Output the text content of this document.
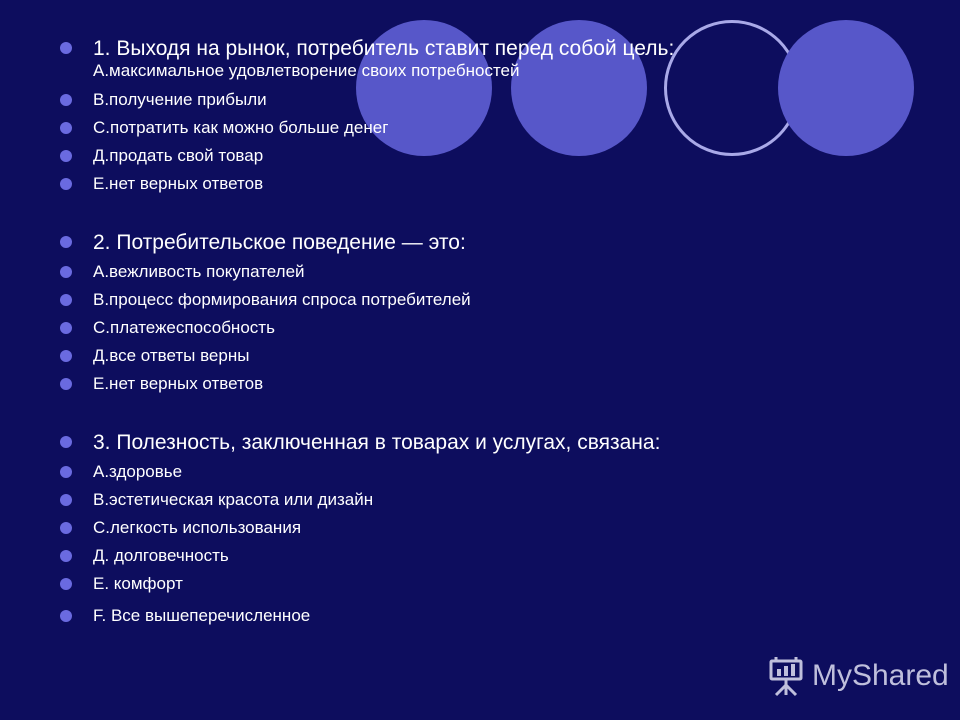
1. Выходя на рынок, потребитель ставит перед собой цель:
А.максимальное удовлетворение своих потребностей
В.получение прибыли
С.потратить как можно больше денег
Д.продать свой товар
Е.нет верных ответов
2. Потребительское поведение — это:
А.вежливость покупателей
В.процесс формирования спроса потребителей
С.платежеспособность
Д.все ответы верны
Е.нет верных ответов
3. Полезность, заключенная в товарах и услугах, связана:
А.здоровье
В.эстетическая красота или дизайн
С.легкость использования
Д. долговечность
Е. комфорт
F. Все вышеперечисленное
MyShared
